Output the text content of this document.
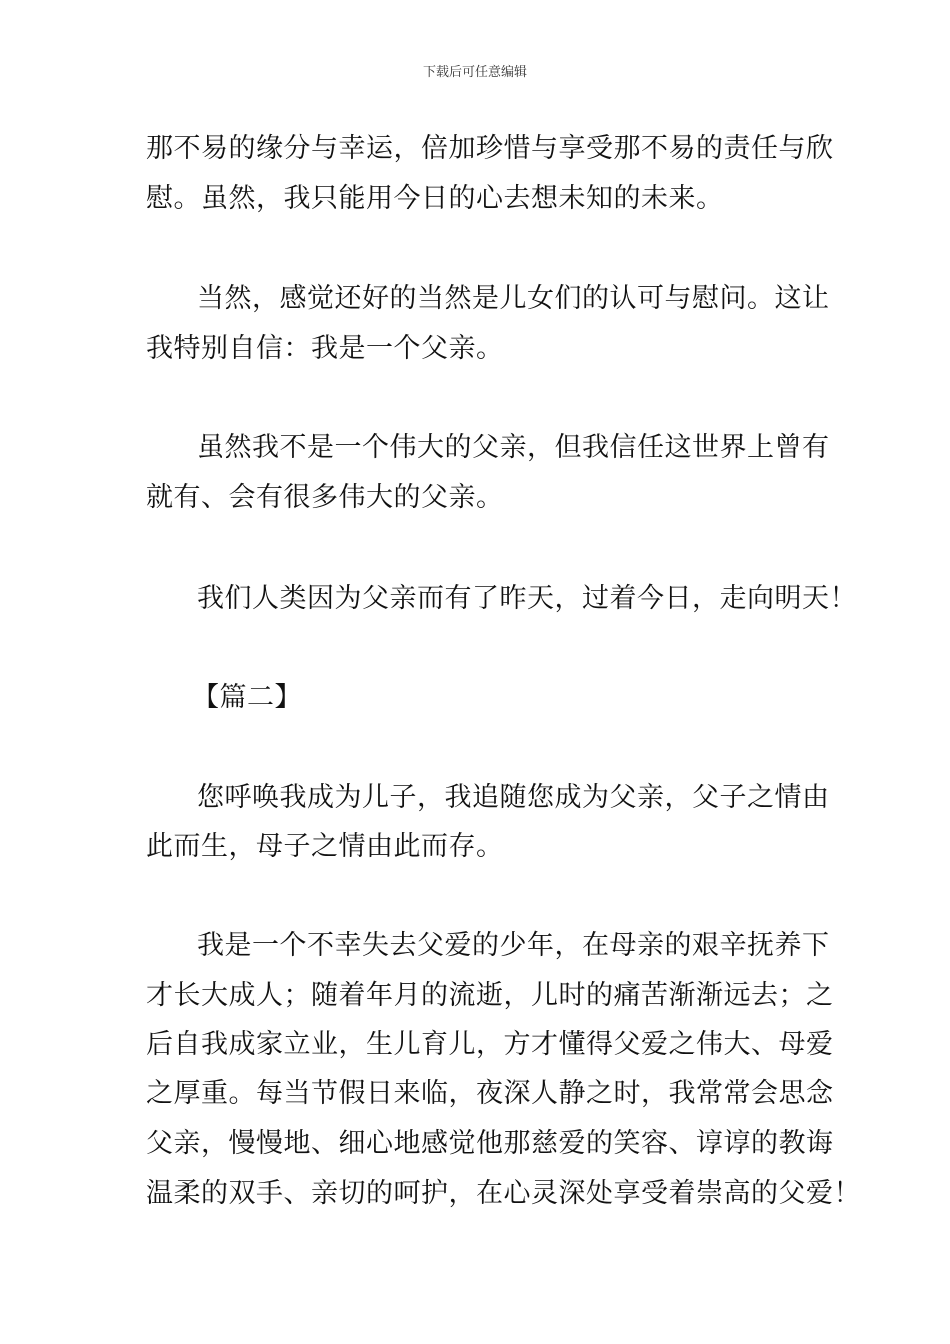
下载后可任意编辑
那不易的缘分与幸运，倍加珍惜与享受那不易的责任与欣
慰。虽然，我只能用今日的心去想未知的未来。
当然，感觉还好的当然是儿女们的认可与慰问。这让
我特别自信：我是一个父亲。
虽然我不是一个伟大的父亲，但我信任这世界上曾有
就有、会有很多伟大的父亲。
我们人类因为父亲而有了昨天，过着今日，走向明天！
【篇二】
您呼唤我成为儿子，我追随您成为父亲，父子之情由
此而生，母子之情由此而存。
我是一个不幸失去父爱的少年，在母亲的艰辛抚养下
才长大成人；随着年月的流逝，儿时的痛苦渐渐远去；之
后自我成家立业，生儿育儿，方才懂得父爱之伟大、母爱
之厚重。每当节假日来临，夜深人静之时，我常常会思念
父亲，慢慢地、细心地感觉他那慈爱的笑容、谆谆的教诲
温柔的双手、亲切的呵护，在心灵深处享受着崇高的父爱！
